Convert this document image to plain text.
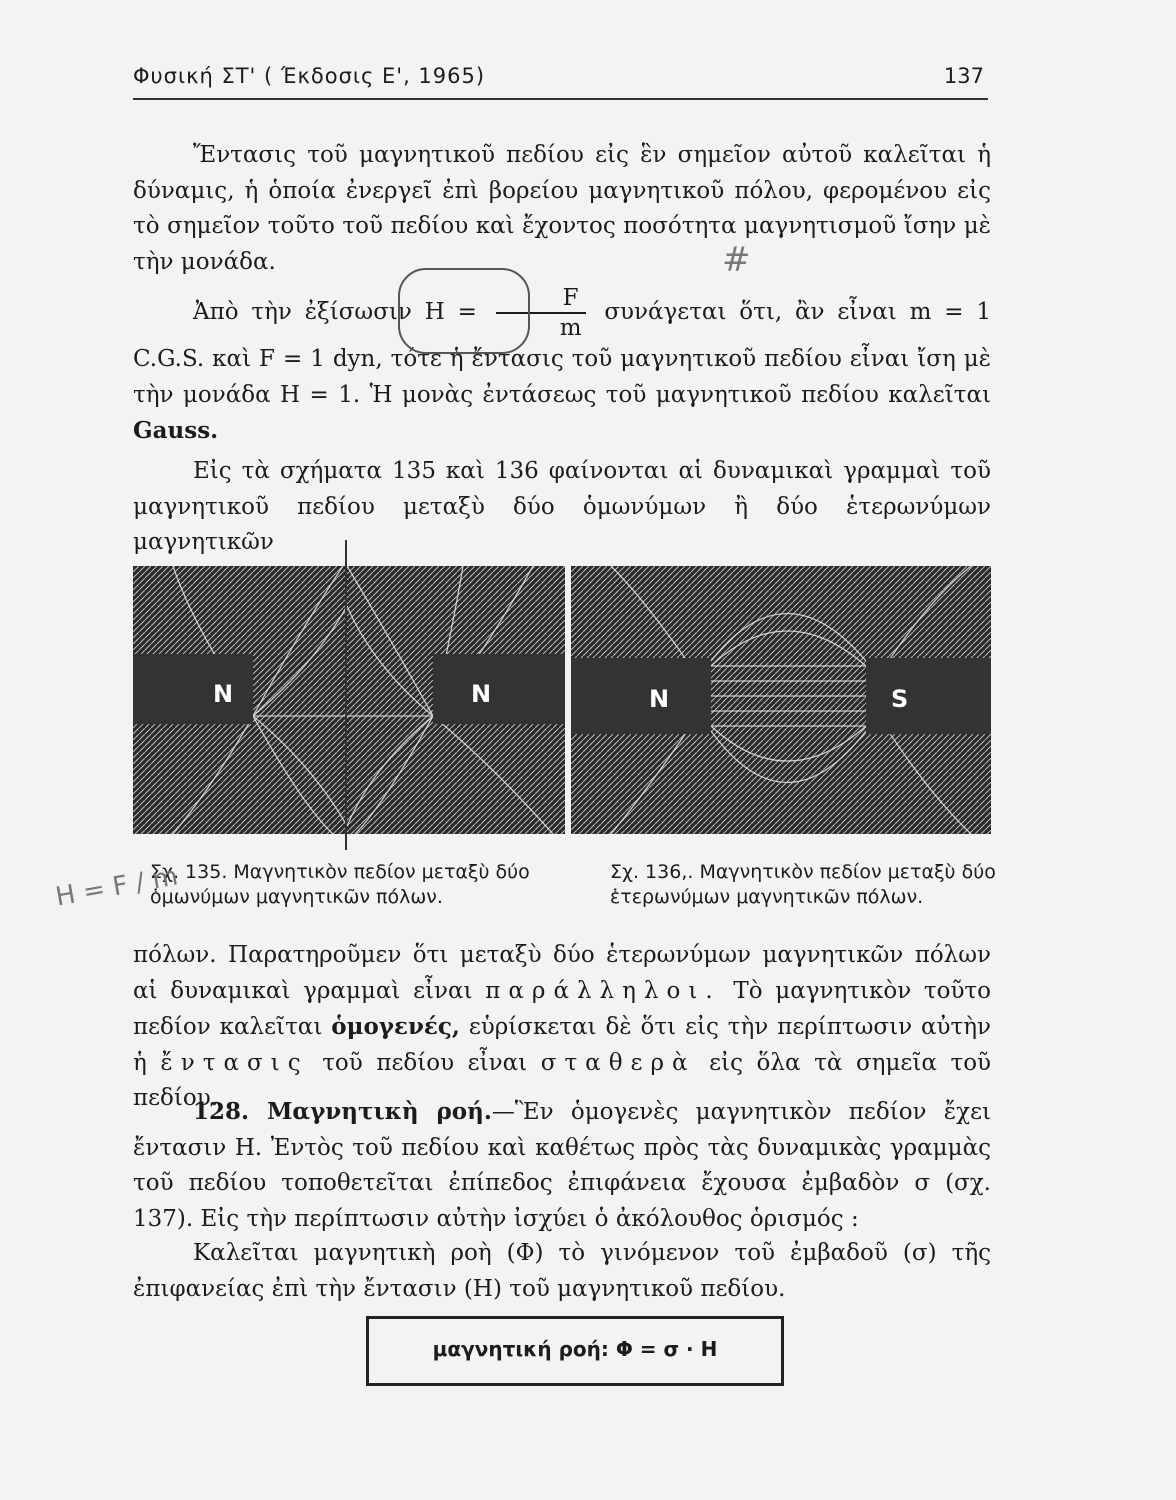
Φυσική ΣΤ' ( Έκδοσις Ε', 1965)	137

Ἔντασις τοῦ μαγνητικοῦ πεδίου εἰς ἓν σημεῖον αὐτοῦ καλεῖται ἡ δύναμις, ἡ ὁποία ἐνεργεῖ ἐπὶ βορείου μαγνητικοῦ πόλου, φερομένου εἰς τὸ σημεῖον τοῦτο τοῦ πεδίου καὶ ἔχοντος ποσότητα μαγνητισμοῦ ἴσην μὲ τὴν μονάδα.

Ἀπὸ τὴν ἐξίσωσιν $H = \frac{F}{m}$ συνάγεται ὅτι, ἂν εἶναι m = 1 C.G.S. καὶ F = 1 dyn, τότε ἡ ἔντασις τοῦ μαγνητικοῦ πεδίου εἶναι ἴση μὲ τὴν μονάδα H = 1. Ἡ μονὰς ἐντάσεως τοῦ μαγνητικοῦ πεδίου καλεῖται Gauss.

Εἰς τὰ σχήματα 135 καὶ 136 φαίνονται αἱ δυναμικαὶ γραμμαὶ τοῦ μαγνητικοῦ πεδίου μεταξὺ δύο ὁμωνύμων ἢ δύο ἑτερωνύμων μαγνητικῶν

N	N	N	S
Σχ. 135. Μαγνητικὸν πεδίον μεταξὺ δύο ὁμωνύμων μαγνητικῶν πόλων.
Σχ. 136,. Μαγνητικὸν πεδίον μεταξὺ δύο ἑτερωνύμων μαγνητικῶν πόλων.

πόλων. Παρατηροῦμεν ὅτι μεταξὺ δύο ἑτερωνύμων μαγνητικῶν πόλων αἱ δυναμικαὶ γραμμαὶ εἶναι παράλληλοι. Τὸ μαγνητικὸν τοῦτο πεδίον καλεῖται ὁμογενές, εὑρίσκεται δὲ ὅτι εἰς τὴν περίπτωσιν αὐτὴν ἡ ἔντασις τοῦ πεδίου εἶναι σταθερὰ εἰς ὅλα τὰ σημεῖα τοῦ πεδίου.

128. Μαγνητικὴ ροή.—Ἓν ὁμογενὲς μαγνητικὸν πεδίον ἔχει ἔντασιν H. Ἐντὸς τοῦ πεδίου καὶ καθέτως πρὸς τὰς δυναμικὰς γραμμὰς τοῦ πεδίου τοποθετεῖται ἐπίπεδος ἐπιφάνεια ἔχουσα ἐμβαδὸν σ (σχ. 137). Εἰς τὴν περίπτωσιν αὐτὴν ἰσχύει ὁ ἀκόλουθος ὁρισμός :

Καλεῖται μαγνητικὴ ροὴ (Φ) τὸ γινόμενον τοῦ ἐμβαδοῦ (σ) τῆς ἐπιφανείας ἐπὶ τὴν ἔντασιν (H) τοῦ μαγνητικοῦ πεδίου.

μαγνητική ροή: Φ = σ · H
H = F / m
#
